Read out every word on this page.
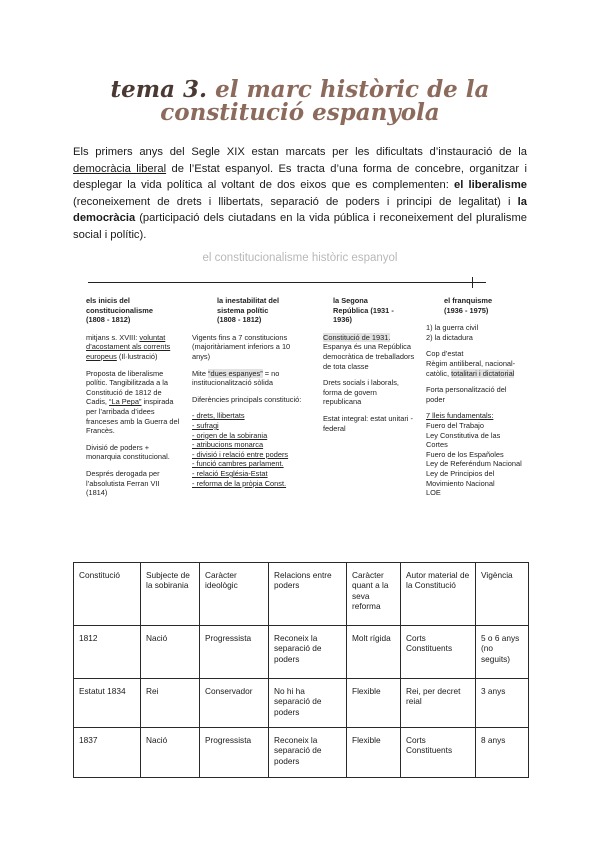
tema 3. el marc històric de la
constitució espanyola

Els primers anys del Segle XIX estan marcats per les dificultats d’instauració de la democràcia liberal de l’Estat espanyol. Es tracta d’una forma de concebre, organitzar i desplegar la vida política al voltant de dos eixos que es complementen: el liberalisme (reconeixement de drets i llibertats, separació de poders i principi de legalitat) i la democràcia (participació dels ciutadans en la vida pública i reconeixement del pluralisme social i polític).

el constitucionalisme històric espanyol
els inicis del
constitucionalisme
(1808 - 1812)

mitjans s. XVIII: voluntat d’acostament als corrents europeus (Il·lustració)

Proposta de liberalisme polític. Tangibilitzada a la Constitució de 1812 de Cadis, “La Pepa” inspirada per l’arribada d’idees franceses amb la Guerra del Francès.

Divisió de poders + monarquia constitucional.

Després derogada per l’absolutista Ferran VII (1814)

la inestabilitat del
sistema polític
(1808 - 1812)

Vigents fins a 7 constitucions (majoritàriament inferiors a 10 anys)

Mite “dues espanyes” = no institucionalització sòlida

Diferències principals constitució:

- drets, llibertats
- sufragi
- origen de la sobirania
- atribucions monarca
- divisió i relació entre poders
- funció cambres parlament.
- relació Església-Estat
- reforma de la pròpia Const.
la Segona
República (1931 -
1936)

Constitució de 1931. Espanya és una República democràtica de treballadors de tota classe

Drets socials i laborals, forma de govern republicana

Estat integral: estat unitari - federal

el franquisme
(1936 - 1975)

1) la guerra civil
2) la dictadura

Cop d’estat
Règim antiliberal, nacional-catòlic, totalitari i dictatorial

Forta personalització del poder

7 lleis fundamentals:

Fuero del Trabajo
Ley Constitutiva de las Cortes
Fuero de los Españoles
Ley de Referéndum Nacional
Ley de Principios del Movimiento Nacional
LOE
Constitució	Subjecte de la sobirania	Caràcter ideològic	Relacions entre poders	Caràcter quant a la seva reforma	Autor material de la Constitució	Vigència
1812	Nació	Progressista	Reconeix la separació de poders	Molt rígida	Corts Constituents	5 o 6 anys (no seguits)
Estatut 1834	Rei	Conservador	No hi ha separació de poders	Flexible	Rei, per decret reial	3 anys
1837	Nació	Progressista	Reconeix la separació de poders	Flexible	Corts Constituents	8 anys
